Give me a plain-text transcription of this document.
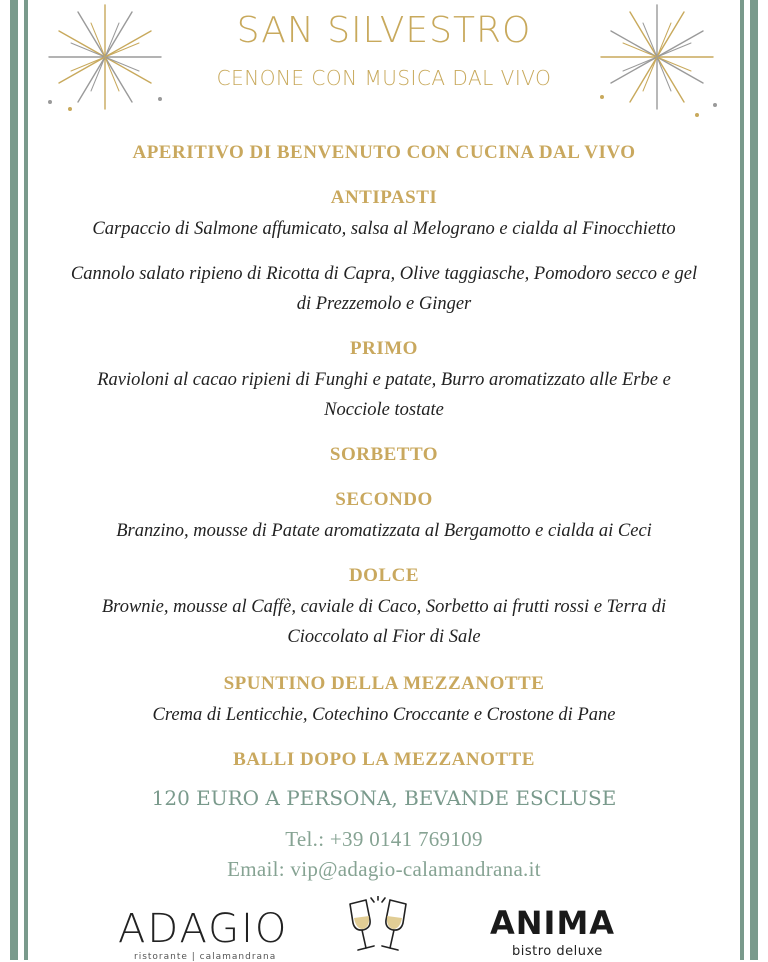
SAN SILVESTRO
CENONE CON MUSICA DAL VIVO
APERITIVO DI BENVENUTO CON CUCINA DAL VIVO
ANTIPASTI
Carpaccio di Salmone affumicato, salsa al Melograno e cialda al Finocchietto
Cannolo salato ripieno di Ricotta di Capra, Olive taggiasche, Pomodoro secco e gel
di Prezzemolo e Ginger
PRIMO
Ravioloni al cacao ripieni di Funghi e patate, Burro aromatizzato alle Erbe e
Nocciole tostate
SORBETTO
SECONDO
Branzino, mousse di Patate aromatizzata al Bergamotto e cialda ai Ceci
DOLCE
Brownie, mousse al Caffè, caviale di Caco, Sorbetto ai frutti rossi e Terra di
Cioccolato al Fior di Sale
SPUNTINO DELLA MEZZANOTTE
Crema di Lenticchie, Cotechino Croccante e Crostone di Pane
BALLI DOPO LA MEZZANOTTE
120 EURO A PERSONA, BEVANDE ESCLUSE
Tel.: +39 0141 769109
Email: vip@adagio-calamandrana.it
ADAGIO
ristorante | calamandrana
ANIMA
bistro deluxe
